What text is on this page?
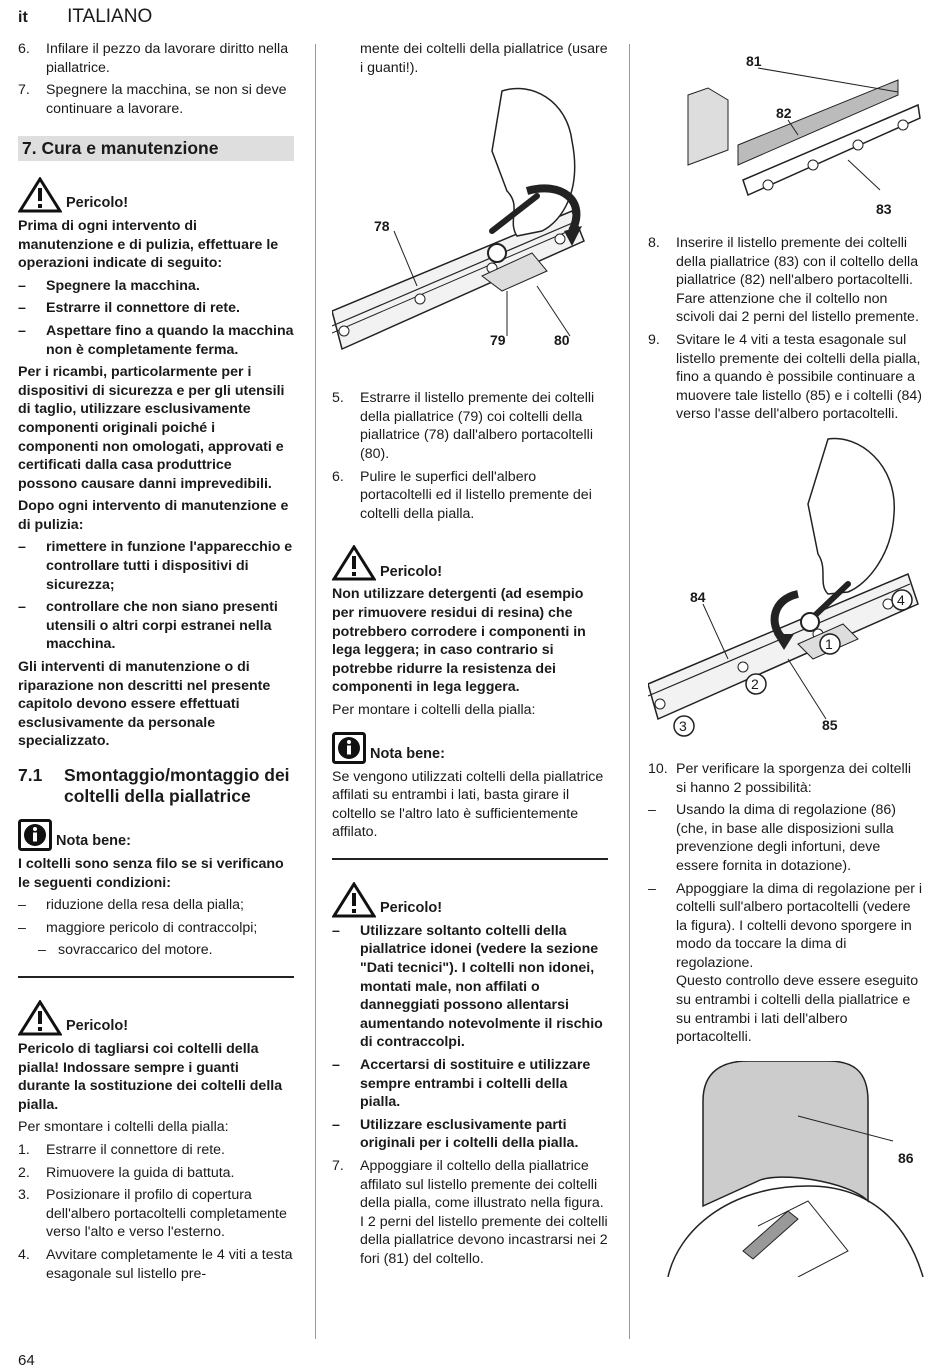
it ITALIANO
6.	Infilare il pezzo da lavorare diritto nella piallatrice.
7.	Spegnere la macchina, se non si deve continuare a lavorare.
7. Cura e manutenzione
Pericolo!

Prima di ogni intervento di manutenzione e di pulizia, effettuare le operazioni indicate di seguito:

–	Spegnere la macchina.
–	Estrarre il connettore di rete.
–	Aspettare fino a quando la macchina non è completamente ferma.

Per i ricambi, particolarmente per i dispositivi di sicurezza e per gli utensili di taglio, utilizzare esclusivamente componenti originali poiché i componenti non omologati, approvati e certificati dalla casa produttrice possono causare danni imprevedibili.

Dopo ogni intervento di manutenzione e di pulizia:

–	rimettere in funzione l'apparecchio e controllare tutti i dispositivi di sicurezza;
–	controllare che non siano presenti utensili o altri corpi estranei nella macchina.

Gli interventi di manutenzione o di riparazione non descritti nel presente capitolo devono essere effettuati esclusivamente da personale specializzato.

7.1	Smontaggio/montaggio dei coltelli della piallatrice
Nota bene:

I coltelli sono senza filo se si verificano le seguenti condizioni:

–	riduzione della resa della pialla;
–	maggiore pericolo di contraccolpi;
– sovraccarico del motore.
Pericolo!

Pericolo di tagliarsi coi coltelli della pialla! Indossare sempre i guanti durante la sostituzione dei coltelli della pialla.

Per smontare i coltelli della pialla:

1.	Estrarre il connettore di rete.
2.	Rimuovere la guida di battuta.
3.	Posizionare il profilo di copertura dell'albero portacoltelli completamente verso l'alto e verso l'esterno.
4.	Avvitare completamente le 4 viti a testa esagonale sul listello pre-

mente dei coltelli della piallatrice (usare i guanti!).

78
79	80
5.	Estrarre il listello premente dei coltelli della piallatrice (79) coi coltelli della piallatrice (78) dall'albero portacoltelli (80).
6.	Pulire le superfici dell'albero portacoltelli ed il listello premente dei coltelli della pialla.
Pericolo!

Non utilizzare detergenti (ad esempio per rimuovere residui di resina) che potrebbero corrodere i componenti in lega leggera; in caso contrario si potrebbe ridurre la resistenza dei componenti in lega leggera.

Per montare i coltelli della pialla:

Nota bene:

Se vengono utilizzati coltelli della piallatrice affilati su entrambi i lati, basta girare il coltello se l'altro lato è sufficientemente affilato.

Pericolo!
–	Utilizzare soltanto coltelli della piallatrice idonei (vedere la sezione "Dati tecnici"). I coltelli non idonei, montati male, non affilati o danneggiati possono allentarsi aumentando notevolmente il rischio di contraccolpi.
–	Accertarsi di sostituire e utilizzare sempre entrambi i coltelli della pialla.
–	Utilizzare esclusivamente parti originali per i coltelli della pialla.
7.	Appoggiare il coltello della piallatrice affilato sul listello premente dei coltelli della pialla, come illustrato nella figura.
I 2 perni del listello premente dei coltelli della piallatrice devono incastrarsi nei 2 fori (81) del coltello.
81
82
83
8.	Inserire il listello premente dei coltelli della piallatrice (83) con il coltello della piallatrice (82) nell'albero portacoltelli. Fare attenzione che il coltello non scivoli dai 2 perni del listello premente.
9.	Svitare le 4 viti a testa esagonale sul listello premente dei coltelli della pialla, fino a quando è possibile continuare a muovere tale listello (85) e i coltelli (84) verso l'asse dell'albero portacoltelli.
84
85
1
2
3
4
10. Per verificare la sporgenza dei coltelli si hanno 2 possibilità:
–	Usando la dima di regolazione (86) (che, in base alle disposizioni sulla prevenzione degli infortuni, deve essere fornita in dotazione).
–	Appoggiare la dima di regolazione per i coltelli sull'albero portacoltelli (vedere la figura). I coltelli devono sporgere in modo da toccare la dima di regolazione.
Questo controllo deve essere eseguito su entrambi i coltelli della piallatrice e su entrambi i lati dell'albero portacoltelli.
86
64
